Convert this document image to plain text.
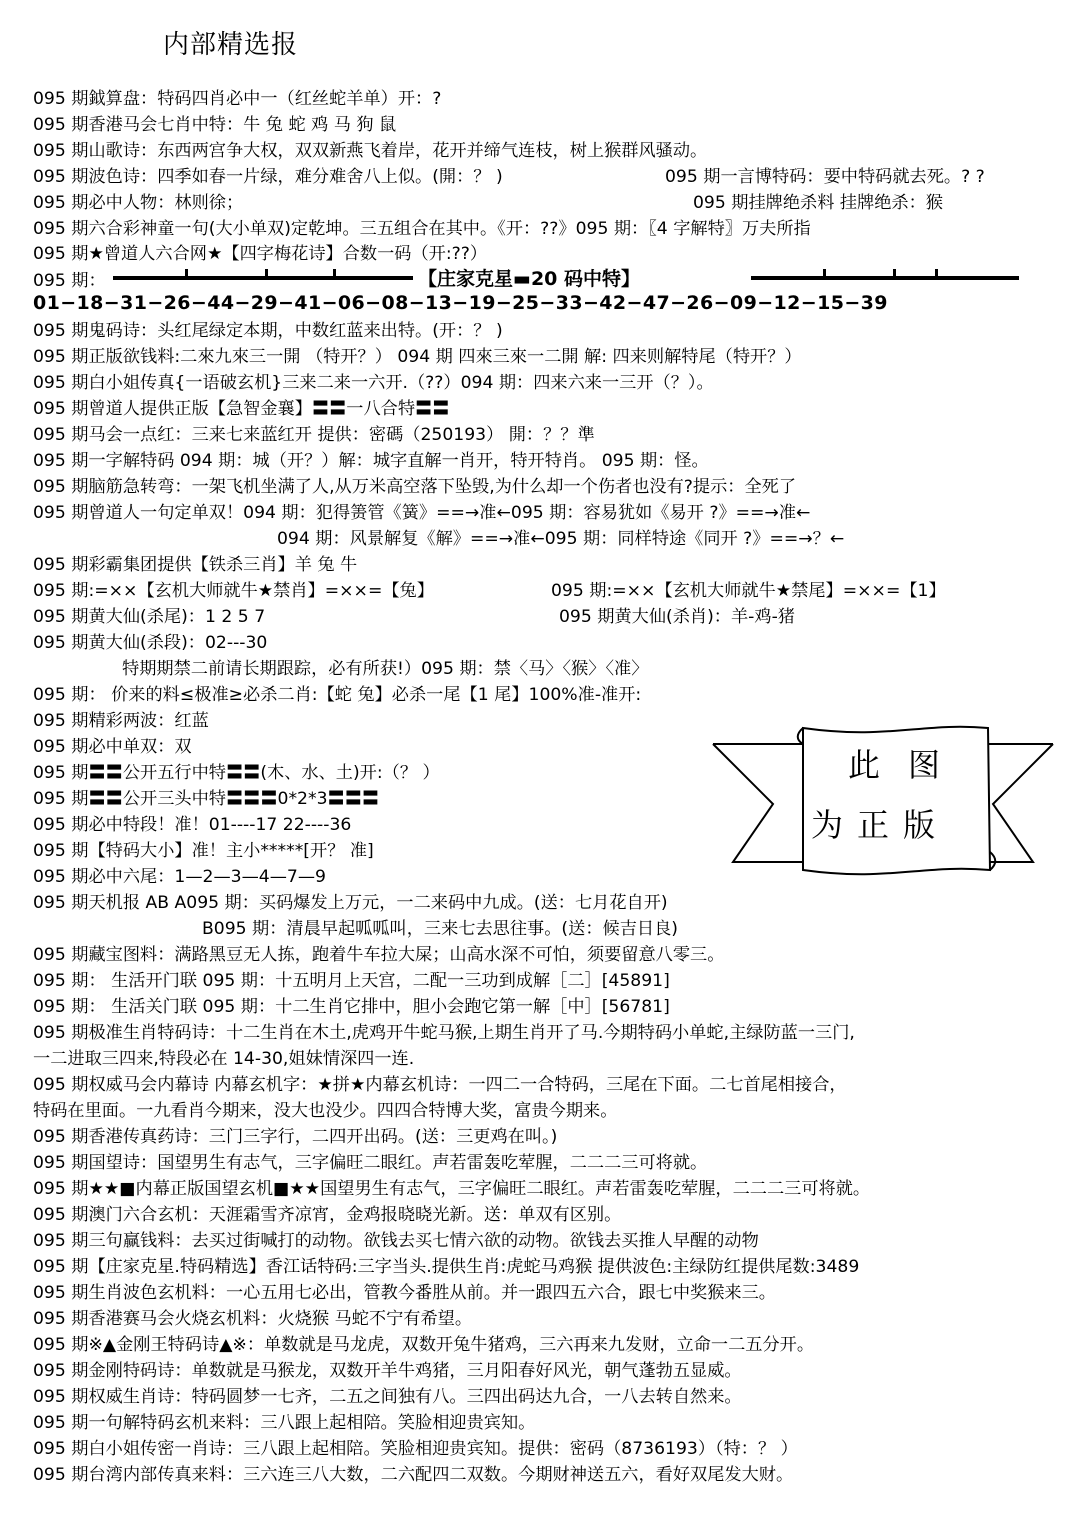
内部精选报
095 期鉞算盘：特码四肖必中一（红丝蛇羊单）开：?
095 期香港马会七肖中特：牛 兔 蛇 鸡 马 狗 鼠
095 期山歌诗：东西两宫争大权，双双新燕飞着岸，花开并缔气连枝，树上猴群风骚动。
095 期波色诗：四季如春一片绿，难分难舍八上似。(開：？ )	095 期一言博特码：要中特码就去死。? ?
095 期必中人物：林则徐；	095 期挂牌绝杀料 挂牌绝杀：猴
095 期六合彩神童一句(大小单双)定乾坤。三五组合在其中。《开：??》095 期：〖4 字解特〗万夫所指
095 期★曾道人六合网★【四字梅花诗】合数一码（开:??）
095 期：	【庄家克星▬20 码中特】
01−18−31−26−44−29−41−06−08−13−19−25−33−42−47−26−09−12−15−39
095 期鬼码诗：头红尾绿定本期，中数红蓝来出特。(开：？ )
095 期正版欲钱料:二來九來三一開 （特开？） 094 期 四來三來一二開 解: 四来则解特尾（特开？）
095 期白小姐传真{一语破玄机}三来二来一六开.（??）094 期：四来六来一三开（？）。
095 期曾道人提供正版【急智金襄】〓〓一八合特〓〓
095 期马会一点红：三来七来蓝红开 提供：密碼（250193） 開：？？準
095 期一字解特码 094 期：城（开？）解：城字直解一肖开，特开特肖。 095 期：怪。
095 期脑筋急转弯：一架飞机坐满了人,从万米高空落下坠毁,为什么却一个伤者也没有?提示：全死了
095 期曾道人一句定单双！094 期：犯得箦管《簧》==→准←095 期：容易犹如《易开 ?》==→准←
094 期：风景解复《解》==→准←095 期：同样特途《同开 ?》==→？←
095 期彩霸集团提供【铁杀三肖】羊 兔 牛
095 期:=××【玄机大师就牛★禁肖】=××=【兔】	095 期:=××【玄机大师就牛★禁尾】=××=【1】
095 期黄大仙(杀尾)：1 2 5 7	095 期黄大仙(杀肖)：羊-鸡-猪
095 期黄大仙(杀段)：02---30
特期期禁二前请长期跟踪，必有所获!）095 期：禁〈马〉〈猴〉〈准〉
095 期： 价来的料≤极准≥必杀二肖:【蛇 兔】必杀一尾【1 尾】100%准-准开:
095 期精彩两波：红蓝
095 期必中单双：双
095 期〓〓公开五行中特〓〓(木、水、土)开:（？ ）
095 期〓〓公开三头中特〓〓〓0*2*3〓〓〓
095 期必中特段！准！01----17 22----36
095 期【特码大小】准！主小*****[开？ 准]
095 期必中六尾：1—2—3—4—7—9
095 期天机报 AB A095 期：买码爆发上万元，一二来码中九成。(送：七月花自开)
B095 期：清晨早起呱呱叫，三来七去思往事。(送：候吉日良)
095 期藏宝图料：满路黑豆无人拣，跑着牛车拉大屎；山高水深不可怕，须要留意八零三。
095 期： 生活开门联 095 期：十五明月上天宫，二配一三功到成解［二］[45891]
095 期： 生活关门联 095 期：十二生肖它排中，胆小会跑它第一解［中］[56781]
095 期极准生肖特码诗：十二生肖在木土,虎鸡开牛蛇马猴,上期生肖开了马.今期特码小单蛇,主绿防蓝一三门,
一二进取三四来,特段必在 14-30,姐妹情深四一连.
095 期权威马会内幕诗 内幕玄机字：★拼★内幕玄机诗：一四二一合特码，三尾在下面。二七首尾相接合，
特码在里面。一九看肖今期来，没大也没少。四四合特博大奖，富贵今期来。
095 期香港传真药诗：三门三字行，二四开出码。(送：三更鸡在叫。)
095 期国望诗：国望男生有志气，三字偏旺二眼红。声若雷轰吃荤腥，二二二三可将就。
095 期★★■内幕正版国望玄机■★★国望男生有志气，三字偏旺二眼红。声若雷轰吃荤腥，二二二三可将就。
095 期澳门六合玄机：天涯霜雪齐凉宵，金鸡报晓晓光新。送：单双有区别。
095 期三句赢钱料：去买过街喊打的动物。欲钱去买七情六欲的动物。欲钱去买推人早醒的动物
095 期【庄家克星.特码精选】香江话特码:三字当头.提供生肖:虎蛇马鸡猴 提供波色:主绿防红提供尾数:3489
095 期生肖波色玄机料：一心五用七必出，管教今番胜从前。并一跟四五六合，跟七中奖猴来三。
095 期香港赛马会火烧玄机料：火烧猴 马蛇不宁有希望。
095 期※▲金刚王特码诗▲※：单数就是马龙虎，双数开兔牛猪鸡，三六再来九发财，立命一二五分开。
095 期金刚特码诗：单数就是马猴龙，双数开羊牛鸡猪，三月阳春好风光，朝气蓬勃五显威。
095 期权威生肖诗：特码圆梦一七齐，二五之间独有八。三四出码达九合，一八去转自然来。
095 期一句解特码玄机来料：三八跟上起相陪。笑脸相迎贵宾知。
095 期白小姐传密一肖诗：三八跟上起相陪。笑脸相迎贵宾知。提供：密码（8736193）（特：？ ）
095 期台湾内部传真来料：三六连三八大数，二六配四二双数。今期财神送五六，看好双尾发大财。
此图
为正版
